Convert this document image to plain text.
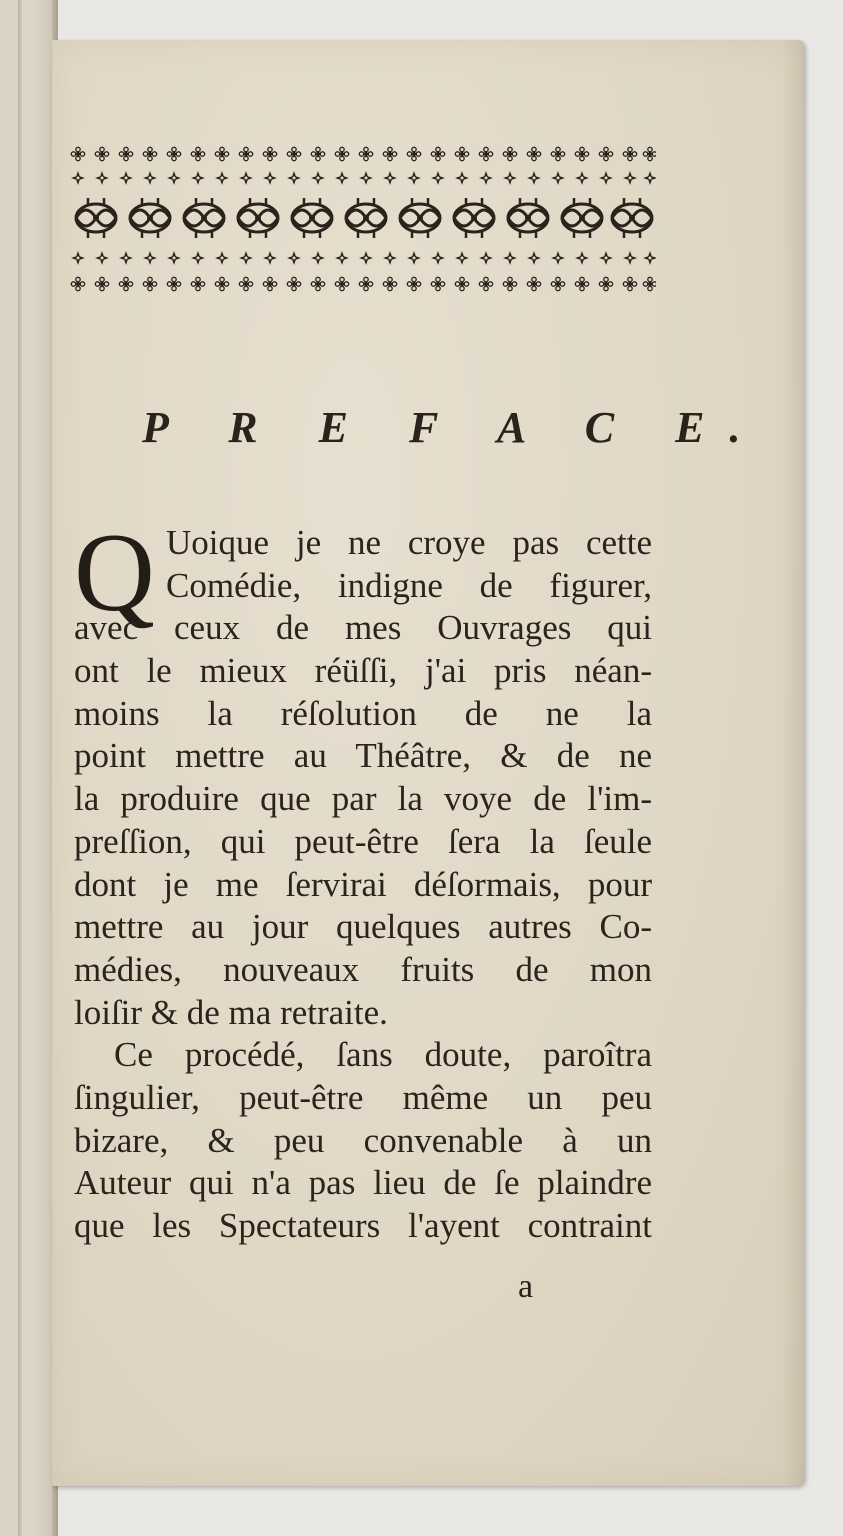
P R E F A C E.
Q Uoique je ne croye pas cette
Comédie, indigne de figurer,
avec ceux de mes Ouvrages qui
ont le mieux réüſſi, j'ai pris néan-
moins la réſolution de ne la
point mettre au Théâtre, & de ne
la produire que par la voye de l'im-
preſſion, qui peut-être ſera la ſeule
dont je me ſervirai déſormais, pour
mettre au jour quelques autres Co-
médies, nouveaux fruits de mon
loiſir & de ma retraite.
Ce procédé, ſans doute, paroîtra
ſingulier, peut-être même un peu
bizare, & peu convenable à un
Auteur qui n'a pas lieu de ſe plaindre
que les Spectateurs l'ayent contraint
a
